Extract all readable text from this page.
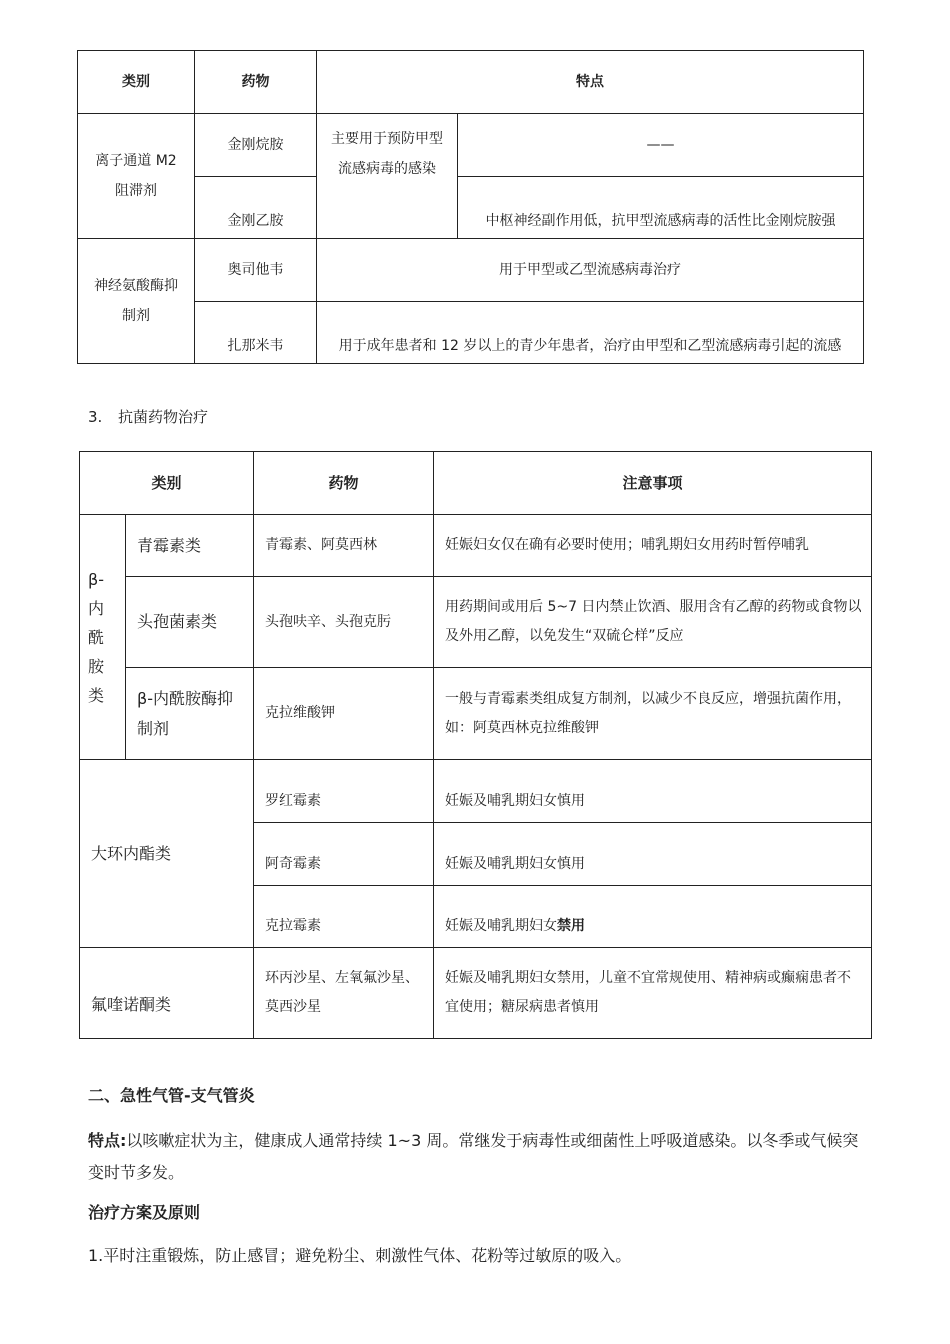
类别	药物	特点	

离子通道 M2 阻滞剂	金刚烷胺	主要用于预防甲型流感病毒的感染	——
	金刚乙胺		中枢神经副作用低，抗甲型流感病毒的活性比金刚烷胺强

神经氨酸酶抑制剂	奥司他韦	用于甲型或乙型流感病毒治疗	
	扎那米韦	用于成年患者和 12 岁以上的青少年患者，治疗由甲型和乙型流感病毒引起的流感	
3. 抗菌药物治疗
类别		药物	注意事项

β-内酰胺类	青霉素类	青霉素、阿莫西林	妊娠妇女仅在确有必要时使用；哺乳期妇女用药时暂停哺乳
	头孢菌素类	头孢呋辛、头孢克肟	用药期间或用后 5~7 日内禁止饮酒、服用含有乙醇的药物或食物以及外用乙醇，以免发生“双硫仑样”反应
	β-内酰胺酶抑制剂	克拉维酸钾	一般与青霉素类组成复方制剂，以减少不良反应，增强抗菌作用，如：阿莫西林克拉维酸钾
大环内酯类		罗红霉素	妊娠及哺乳期妇女慎用
		阿奇霉素	妊娠及哺乳期妇女慎用
		克拉霉素	妊娠及哺乳期妇女禁用
氟喹诺酮类		环丙沙星、左氧氟沙星、莫西沙星	妊娠及哺乳期妇女禁用，儿童不宜常规使用、精神病或癫痫患者不宜使用；糖尿病患者慎用
二、急性气管-支气管炎
特点:以咳嗽症状为主，健康成人通常持续 1~3 周。常继发于病毒性或细菌性上呼吸道感染。以冬季或气候突变时节多发。
治疗方案及原则
1.平时注重锻炼，防止感冒；避免粉尘、刺激性气体、花粉等过敏原的吸入。
